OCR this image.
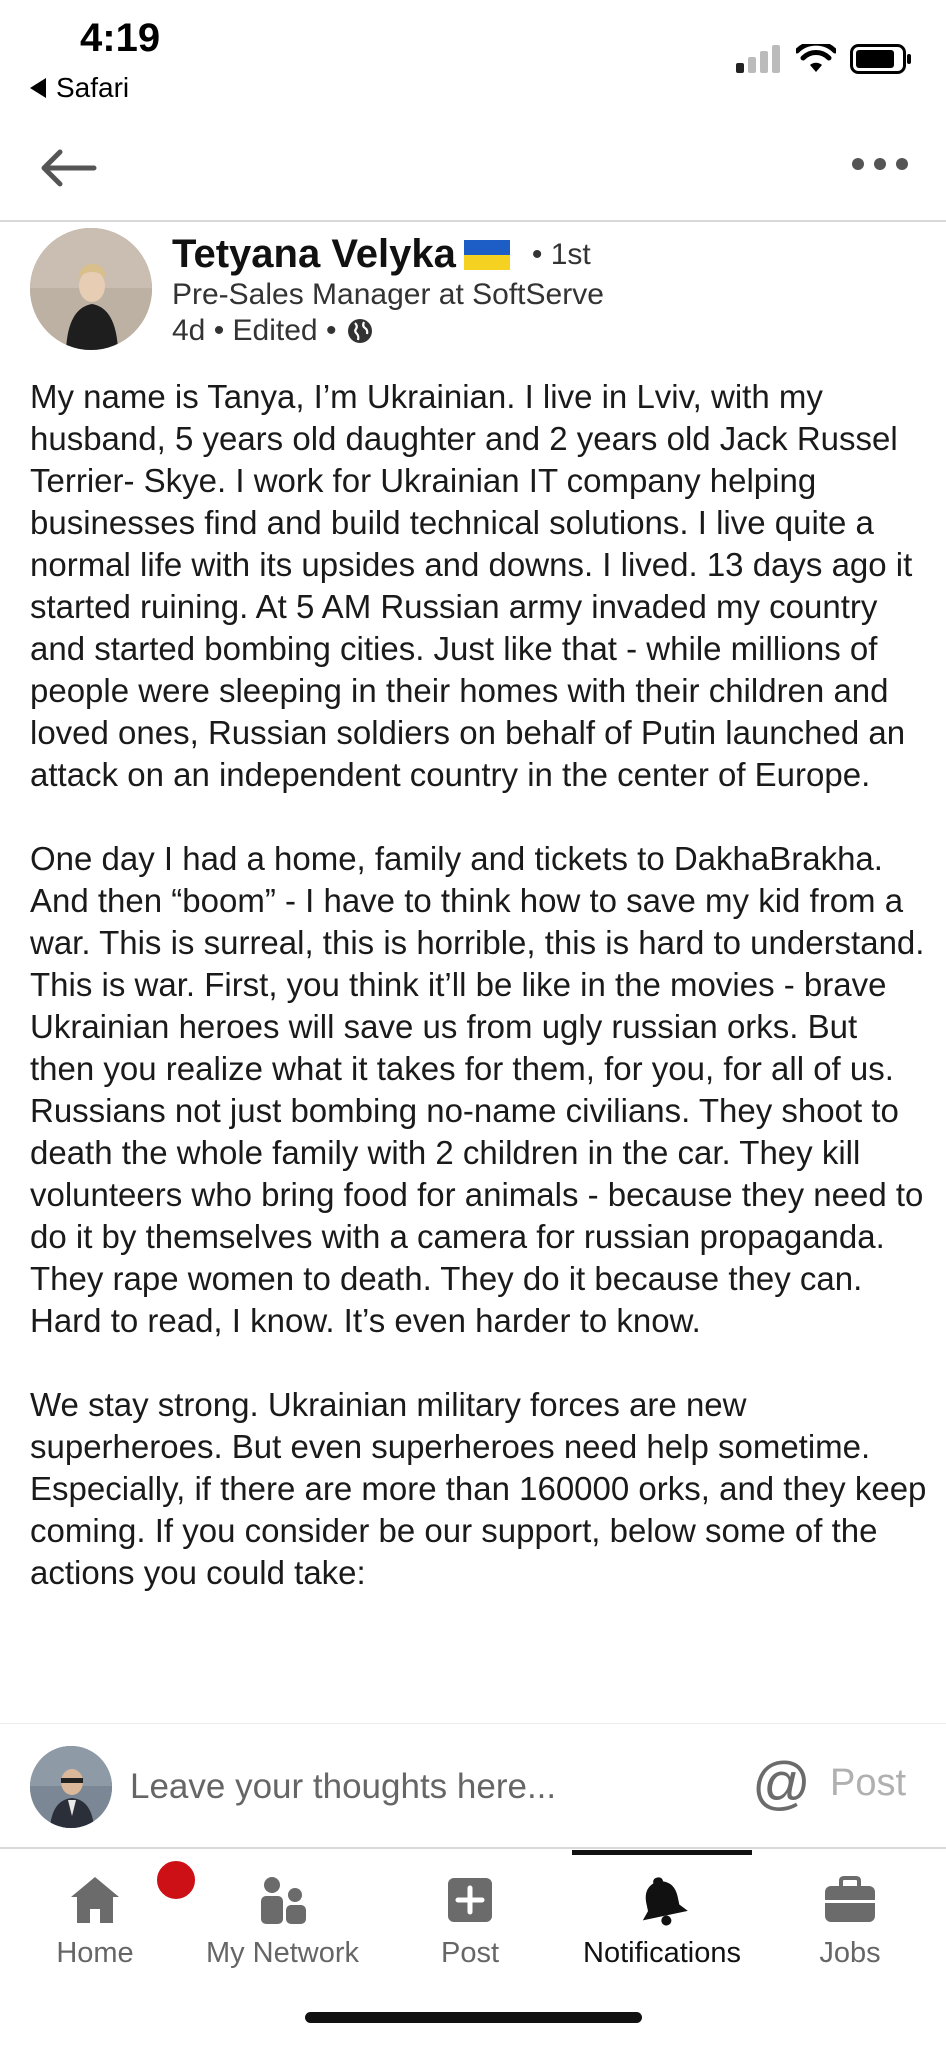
4:19
Safari
Tetyana Velyka	• 1st
Pre-Sales Manager at SoftServe
4d • Edited •

My name is Tanya, I’m Ukrainian. I live in Lviv, with my husband, 5 years old daughter and 2 years old Jack Russel Terrier- Skye. I work for Ukrainian IT company helping businesses find and build technical solutions. I live quite a normal life with its upsides and downs. I lived. 13 days ago it started ruining. At 5 AM Russian army invaded my country and started bombing cities. Just like that - while millions of people were sleeping in their homes with their children and loved ones, Russian soldiers on behalf of Putin launched an attack on an independent country in the center of Europe.

One day I had a home, family and tickets to DakhaBrakha. And then “boom” - I have to think how to save my kid from a war. This is surreal, this is horrible, this is hard to understand. This is war. First, you think it’ll be like in the movies - brave Ukrainian heroes will save us from ugly russian orks. But then you realize what it takes for them, for you, for all of us. Russians not just bombing no-name civilians. They shoot to death the whole family with 2 children in the car. They kill volunteers who bring food for animals - because they need to do it by themselves with a camera for russian propaganda. They rape women to death. They do it because they can. Hard to read, I know. It’s even harder to know.

We stay strong. Ukrainian military forces are new superheroes. But even superheroes need help sometime. Especially, if there are more than 160000 orks, and they keep coming. If you consider be our support, below some of the actions you could take:

Leave your thoughts here...
@ Post
Home My Network	Post	Notifications	Jobs
